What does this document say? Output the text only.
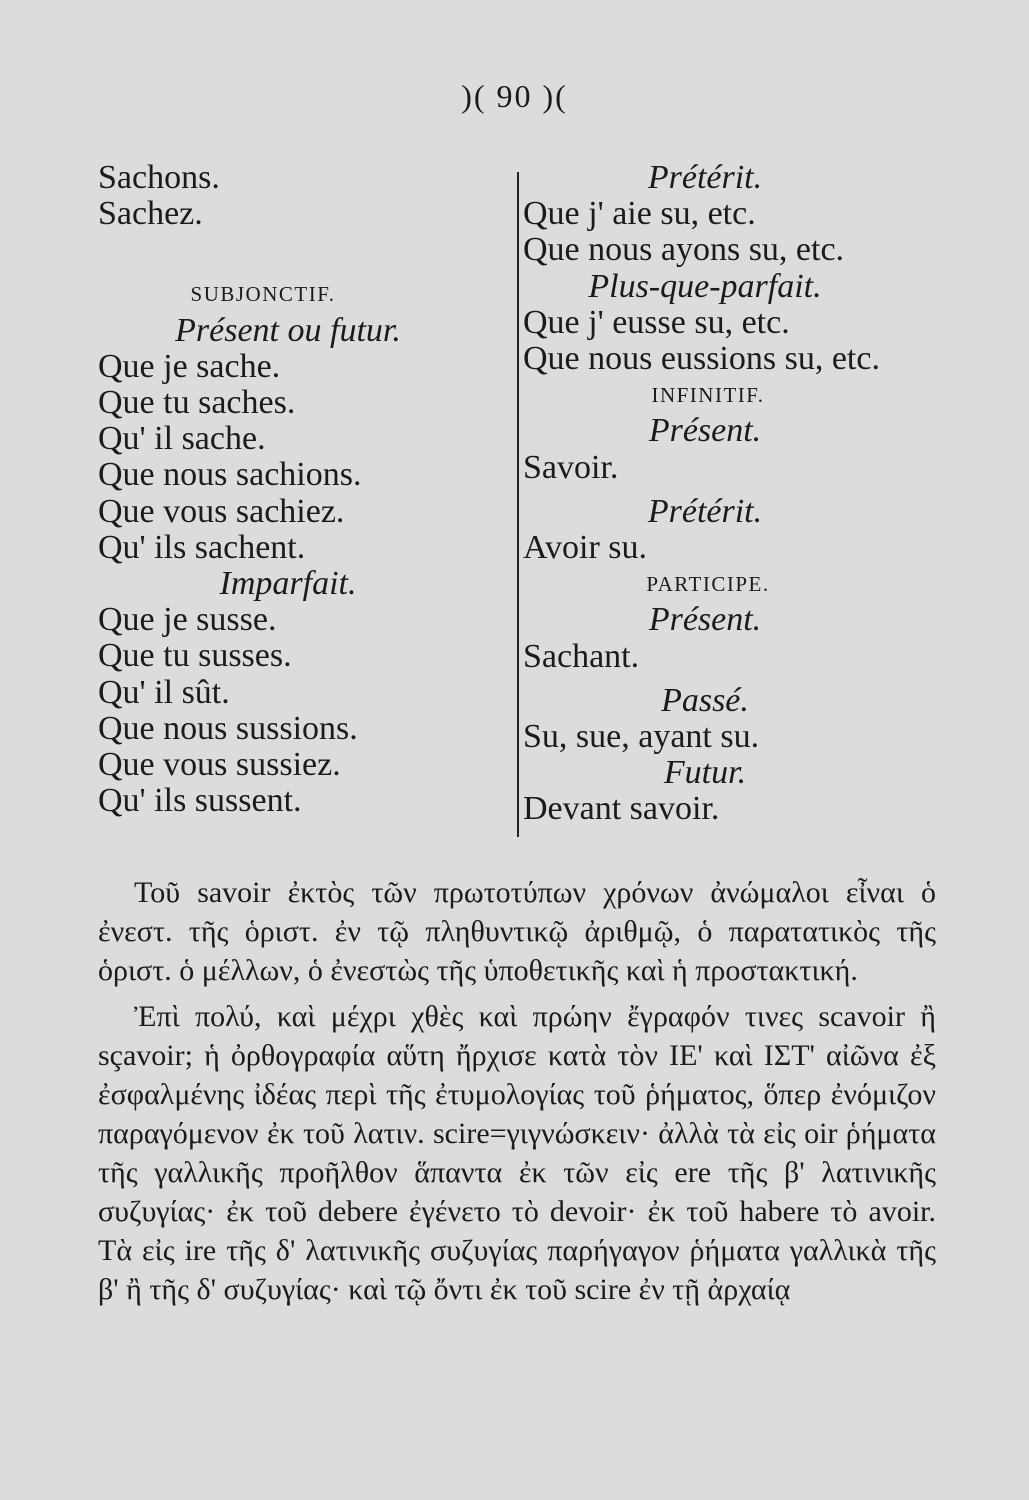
)( 90 )(
Sachons.
Sachez.
SUBJONCTIF.
Présent ou futur.
Que je sache.
Que tu saches.
Qu' il sache.
Que nous sachions.
Que vous sachiez.
Qu' ils sachent.
Imparfait.
Que je susse.
Que tu susses.
Qu' il sût.
Que nous sussions.
Que vous sussiez.
Qu' ils sussent.
Prétérit.
Que j' aie su, etc.
Que nous ayons su, etc.
Plus-que-parfait.
Que j' eusse su, etc.
Que nous eussions su, etc.
INFINITIF.
Présent.
Savoir.
Prétérit.
Avoir su.
PARTICIPE.
Présent.
Sachant.
Passé.
Su, sue, ayant su.
Futur.
Devant savoir.

Τοῦ savoir ἐκτὸς τῶν πρωτοτύπων χρόνων ἀνώμαλοι εἶναι ὁ ἐνεστ. τῆς ὁριστ. ἐν τῷ πληθυντικῷ ἀριθμῷ, ὁ παρατατικὸς τῆς ὁριστ. ὁ μέλλων, ὁ ἐνεστὼς τῆς ὑποθετικῆς καὶ ἡ προστακτική.

Ἐπὶ πολύ, καὶ μέχρι χθὲς καὶ πρώην ἔγραφόν τινες scavoir ἢ sçavoir; ἡ ὀρθογραφία αὕτη ἤρχισε κατὰ τὸν ΙΕ' καὶ ΙΣΤ' αἰῶνα ἐξ ἐσφαλμένης ἰδέας περὶ τῆς ἐτυμολογίας τοῦ ῥήματος, ὅπερ ἐνόμιζον παραγόμενον ἐκ τοῦ λατιν. scire=γιγνώσκειν· ἀλλὰ τὰ εἰς oir ῥήματα τῆς γαλλικῆς προῆλθον ἅπαντα ἐκ τῶν εἰς ere τῆς β' λατινικῆς συζυγίας· ἐκ τοῦ debere ἐγένετο τὸ devoir· ἐκ τοῦ habere τὸ avoir. Τὰ εἰς ire τῆς δ' λατινικῆς συζυγίας παρήγαγον ῥήματα γαλλικὰ τῆς β' ἢ τῆς δ' συζυγίας· καὶ τῷ ὄντι ἐκ τοῦ scire ἐν τῇ ἀρχαίᾳ
